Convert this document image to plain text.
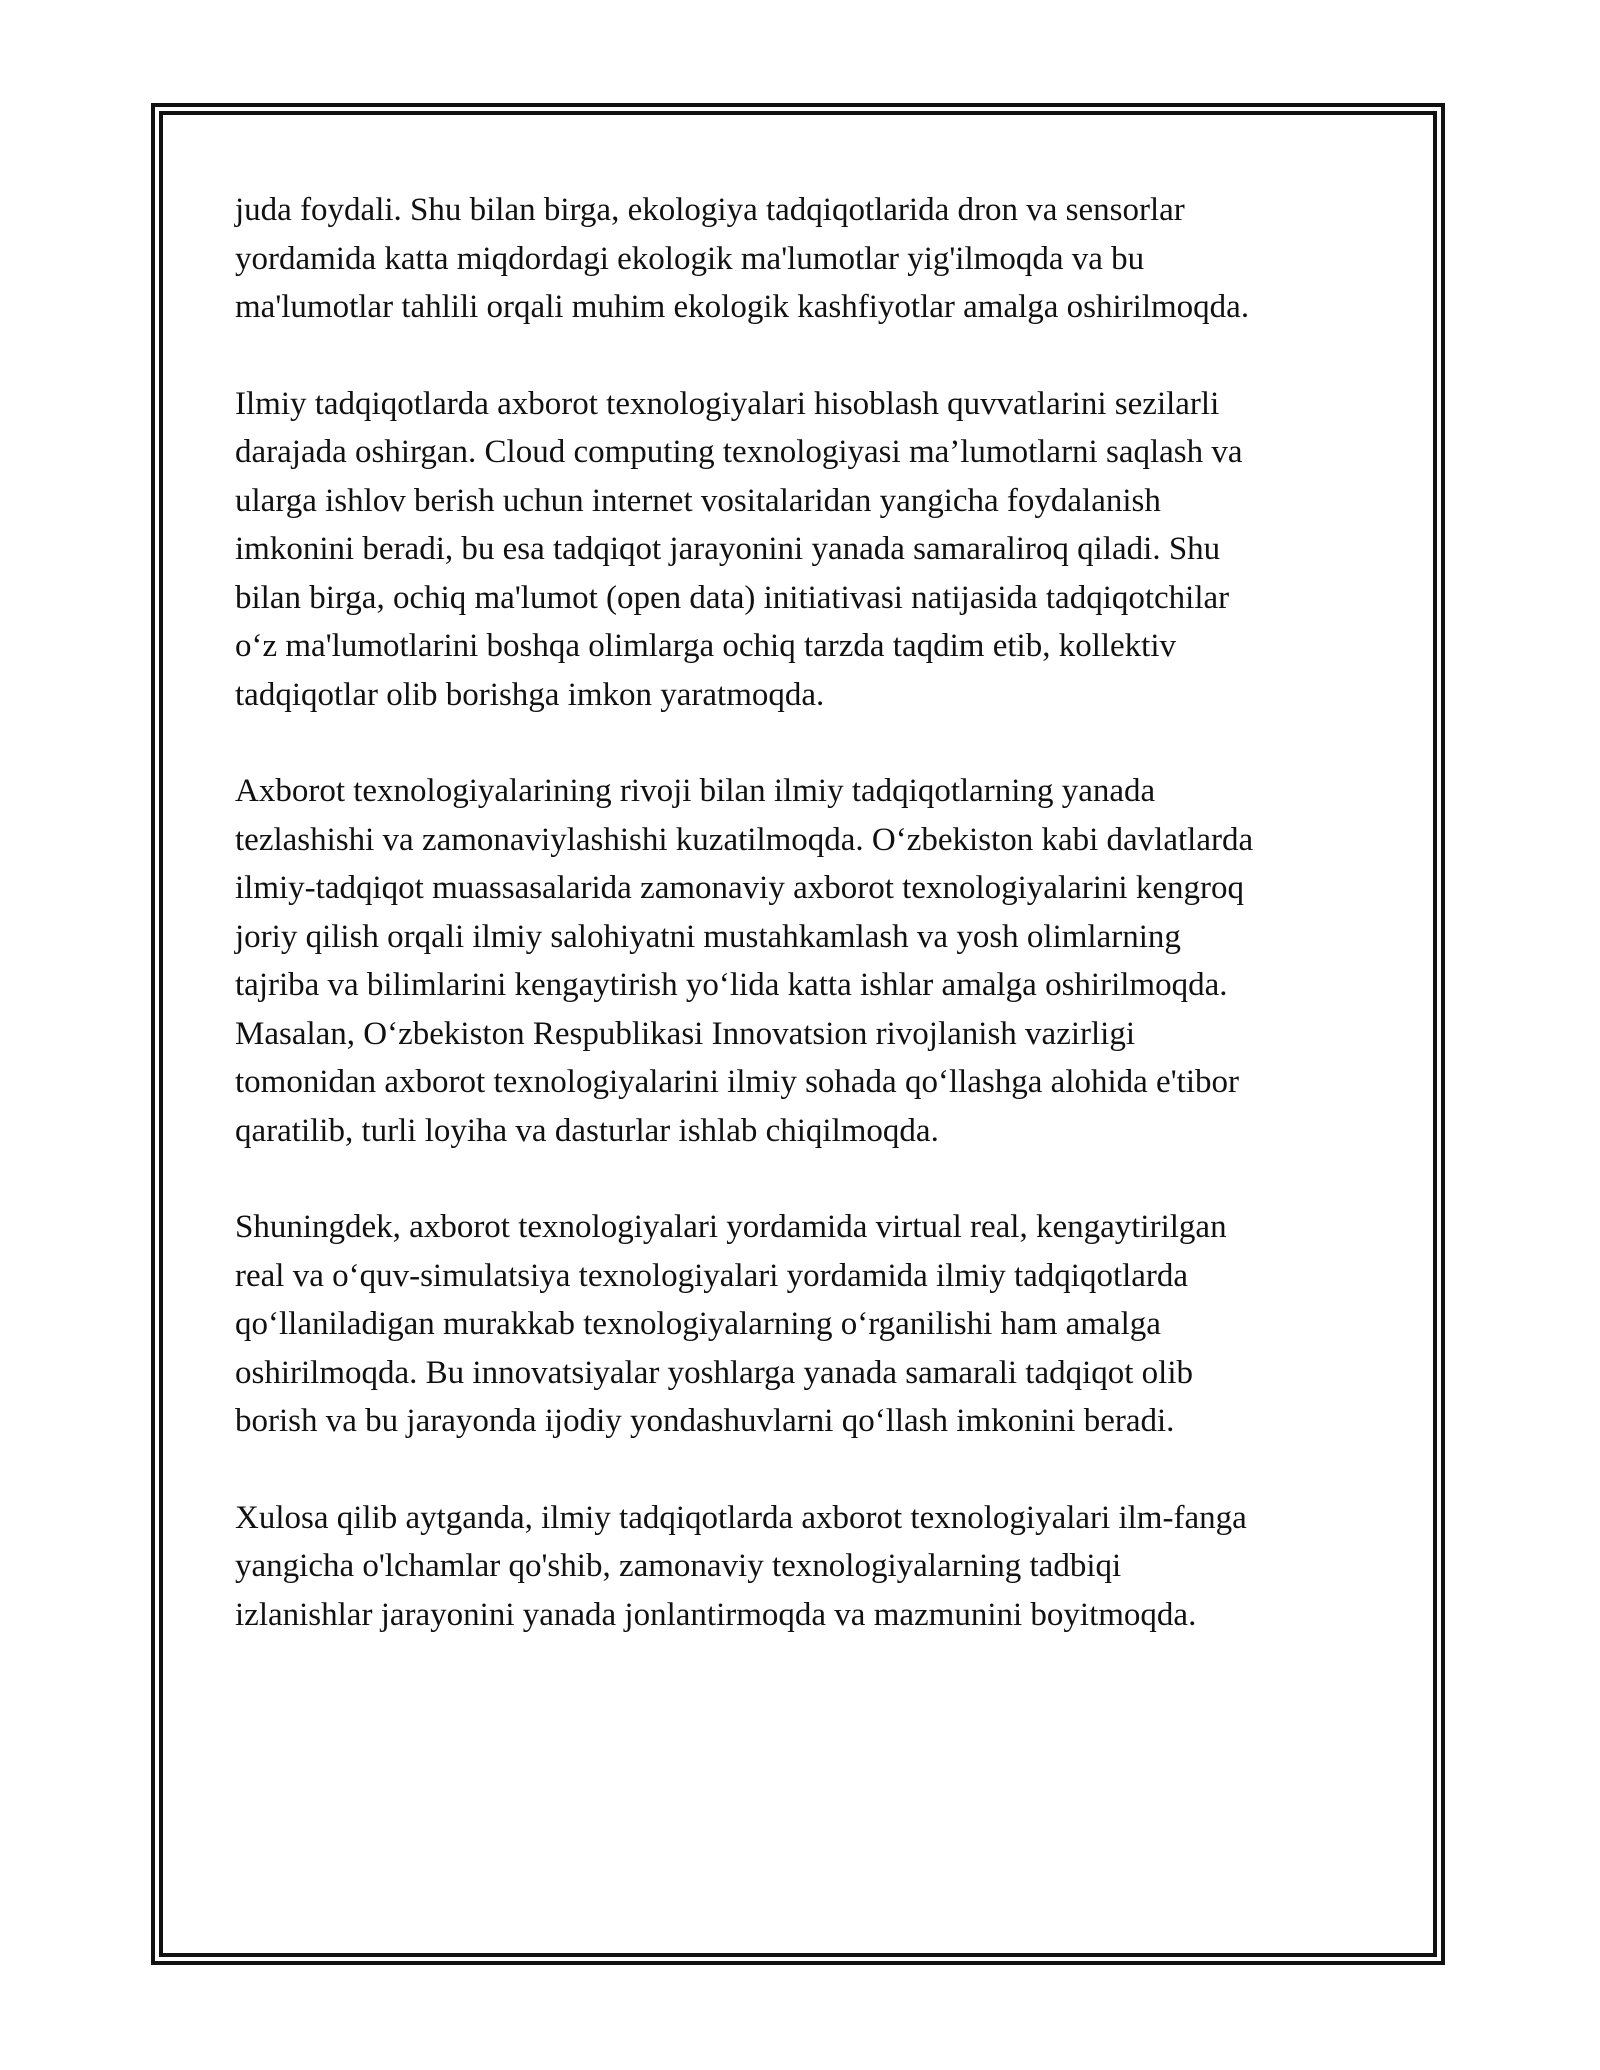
juda foydali. Shu bilan birga, ekologiya tadqiqotlarida dron va sensorlar
yordamida katta miqdordagi ekologik ma'lumotlar yig'ilmoqda va bu
ma'lumotlar tahlili orqali muhim ekologik kashfiyotlar amalga oshirilmoqda.

Ilmiy tadqiqotlarda axborot texnologiyalari hisoblash quvvatlarini sezilarli
darajada oshirgan. Cloud computing texnologiyasi ma’lumotlarni saqlash va
ularga ishlov berish uchun internet vositalaridan yangicha foydalanish
imkonini beradi, bu esa tadqiqot jarayonini yanada samaraliroq qiladi. Shu
bilan birga, ochiq ma'lumot (open data) initiativasi natijasida tadqiqotchilar
oʻz ma'lumotlarini boshqa olimlarga ochiq tarzda taqdim etib, kollektiv
tadqiqotlar olib borishga imkon yaratmoqda.

Axborot texnologiyalarining rivoji bilan ilmiy tadqiqotlarning yanada
tezlashishi va zamonaviylashishi kuzatilmoqda. Oʻzbekiston kabi davlatlarda
ilmiy-tadqiqot muassasalarida zamonaviy axborot texnologiyalarini kengroq
joriy qilish orqali ilmiy salohiyatni mustahkamlash va yosh olimlarning
tajriba va bilimlarini kengaytirish yoʻlida katta ishlar amalga oshirilmoqda.
Masalan, Oʻzbekiston Respublikasi Innovatsion rivojlanish vazirligi
tomonidan axborot texnologiyalarini ilmiy sohada qoʻllashga alohida e'tibor
qaratilib, turli loyiha va dasturlar ishlab chiqilmoqda.

Shuningdek, axborot texnologiyalari yordamida virtual real, kengaytirilgan
real va oʻquv-simulatsiya texnologiyalari yordamida ilmiy tadqiqotlarda
qoʻllaniladigan murakkab texnologiyalarning oʻrganilishi ham amalga
oshirilmoqda. Bu innovatsiyalar yoshlarga yanada samarali tadqiqot olib
borish va bu jarayonda ijodiy yondashuvlarni qoʻllash imkonini beradi.

Xulosa qilib aytganda, ilmiy tadqiqotlarda axborot texnologiyalari ilm-fanga
yangicha o'lchamlar qo'shib, zamonaviy texnologiyalarning tadbiqi
izlanishlar jarayonini yanada jonlantirmoqda va mazmunini boyitmoqda.
